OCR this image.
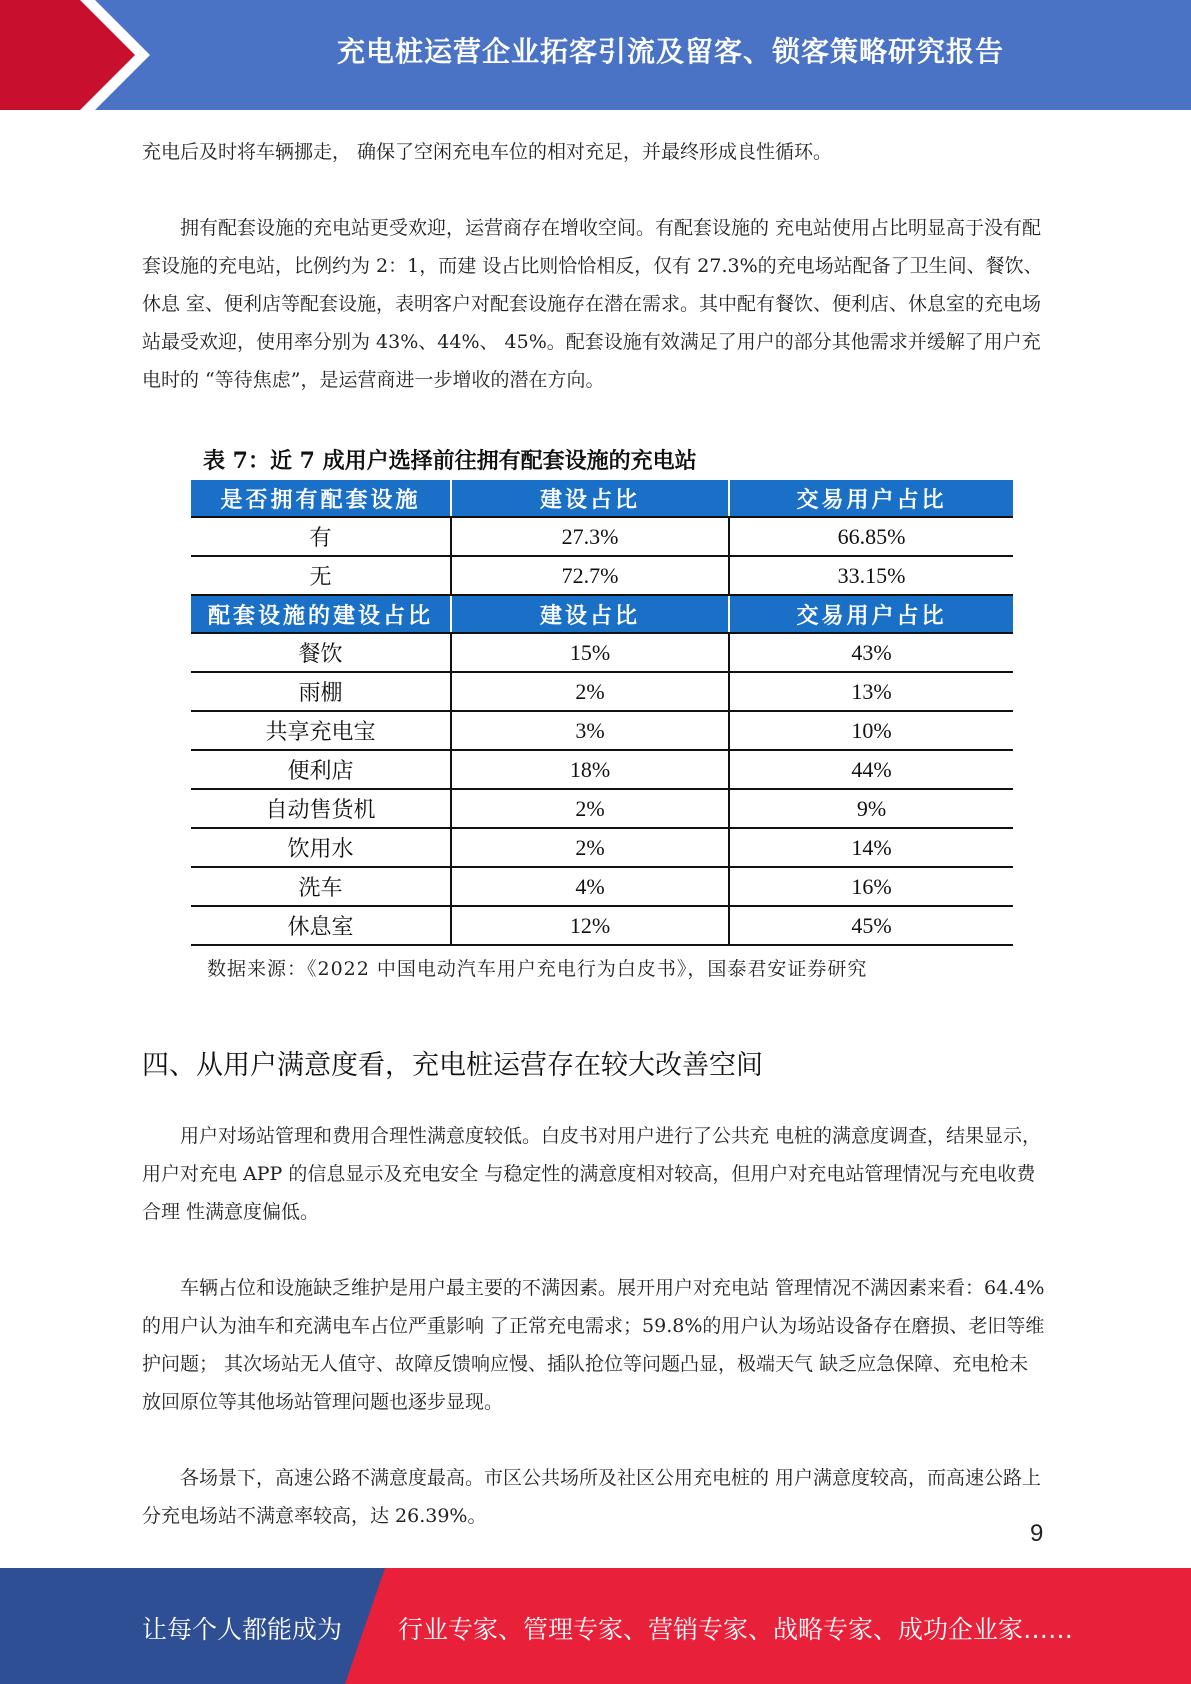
充电桩运营企业拓客引流及留客、锁客策略研究报告

充电后及时将车辆挪走， 确保了空闲充电车位的相对充足，并最终形成良性循环。

拥有配套设施的充电站更受欢迎，运营商存在增收空间。有配套设施的 充电站使用占比明显高于没有配套设施的充电站，比例约为 2：1，而建 设占比则恰恰相反，仅有 27.3%的充电场站配备了卫生间、餐饮、休息 室、便利店等配套设施，表明客户对配套设施存在潜在需求。其中配有餐饮、便利店、休息室的充电场站最受欢迎，使用率分别为 43%、44%、 45%。配套设施有效满足了用户的部分其他需求并缓解了用户充电时的 “等待焦虑”，是运营商进一步增收的潜在方向。

表 7：近 7 成用户选择前往拥有配套设施的充电站
是否拥有配套设施	建设占比	交易用户占比
有	27.3%	66.85%
无	72.7%	33.15%
配套设施的建设占比	建设占比	交易用户占比
餐饮	15%	43%
雨棚	2%	13%
共享充电宝	3%	10%
便利店	18%	44%
自动售货机	2%	9%
饮用水	2%	14%
洗车	4%	16%
休息室	12%	45%
数据来源：《2022 中国电动汽车用户充电行为白皮书》，国泰君安证券研究
四、从用户满意度看，充电桩运营存在较大改善空间

用户对场站管理和费用合理性满意度较低。白皮书对用户进行了公共充 电桩的满意度调查，结果显示，用户对充电 APP 的信息显示及充电安全 与稳定性的满意度相对较高，但用户对充电站管理情况与充电收费合理 性满意度偏低。

车辆占位和设施缺乏维护是用户最主要的不满因素。展开用户对充电站 管理情况不满因素来看：64.4%的用户认为油车和充满电车占位严重影响 了正常充电需求；59.8%的用户认为场站设备存在磨损、老旧等维护问题； 其次场站无人值守、故障反馈响应慢、插队抢位等问题凸显，极端天气 缺乏应急保障、充电枪未放回原位等其他场站管理问题也逐步显现。

各场景下，高速公路不满意度最高。市区公共场所及社区公用充电桩的 用户满意度较高，而高速公路上分充电场站不满意率较高，达 26.39%。

9
让每个人都能成为 行业专家、管理专家、营销专家、战略专家、成功企业家……
